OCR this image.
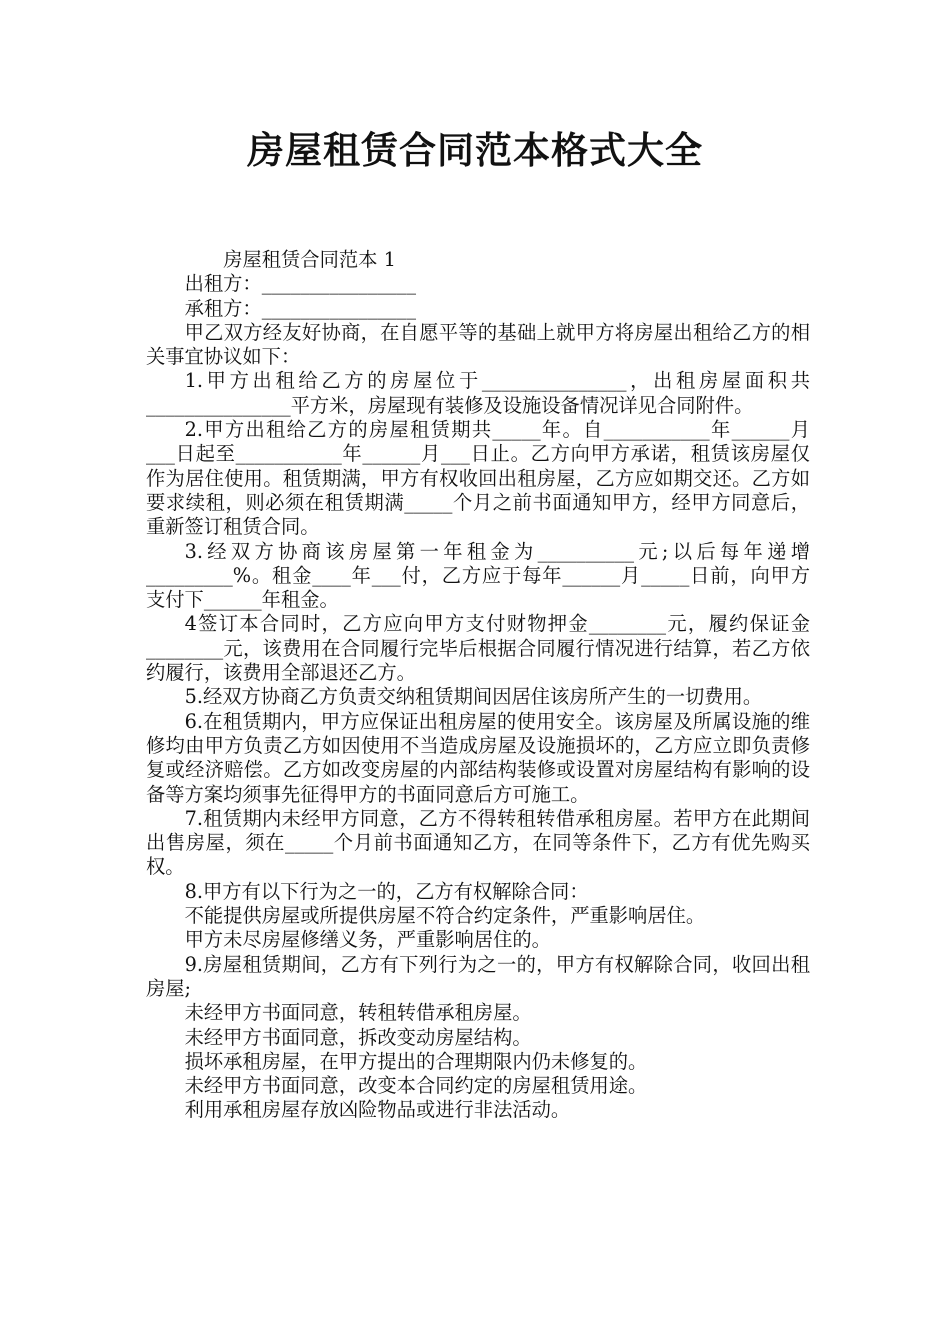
房屋租赁合同范本格式大全

房屋租赁合同范本 1

出租方：________________

承租方：________________

甲乙双方经友好协商，在自愿平等的基础上就甲方将房屋出租给乙方的相关事宜协议如下：

1.甲方出租给乙方的房屋位于_______________，出租房屋面积共_______________平方米，房屋现有装修及设施设备情况详见合同附件。

2.甲方出租给乙方的房屋租赁期共_____年。自___________年______月___日起至___________年______月___日止。乙方向甲方承诺，租赁该房屋仅作为居住使用。租赁期满，甲方有权收回出租房屋，乙方应如期交还。乙方如要求续租，则必须在租赁期满_____个月之前书面通知甲方，经甲方同意后，重新签订租赁合同。

3.经双方协商该房屋第一年租金为__________元;以后每年递增_________%。租金____年___付，乙方应于每年______月_____日前，向甲方支付下______年租金。

4签订本合同时，乙方应向甲方支付财物押金________元，履约保证金________元，该费用在合同履行完毕后根据合同履行情况进行结算，若乙方依约履行，该费用全部退还乙方。

5.经双方协商乙方负责交纳租赁期间因居住该房所产生的一切费用。

6.在租赁期内，甲方应保证出租房屋的使用安全。该房屋及所属设施的维修均由甲方负责乙方如因使用不当造成房屋及设施损坏的，乙方应立即负责修复或经济赔偿。乙方如改变房屋的内部结构装修或设置对房屋结构有影响的设备等方案均须事先征得甲方的书面同意后方可施工。

7.租赁期内未经甲方同意，乙方不得转租转借承租房屋。若甲方在此期间出售房屋，须在_____个月前书面通知乙方，在同等条件下，乙方有优先购买权。

8.甲方有以下行为之一的，乙方有权解除合同：

不能提供房屋或所提供房屋不符合约定条件，严重影响居住。

甲方未尽房屋修缮义务，严重影响居住的。

9.房屋租赁期间，乙方有下列行为之一的，甲方有权解除合同，收回出租房屋;

未经甲方书面同意，转租转借承租房屋。

未经甲方书面同意，拆改变动房屋结构。

损坏承租房屋，在甲方提出的合理期限内仍未修复的。

未经甲方书面同意，改变本合同约定的房屋租赁用途。

利用承租房屋存放凶险物品或进行非法活动。
